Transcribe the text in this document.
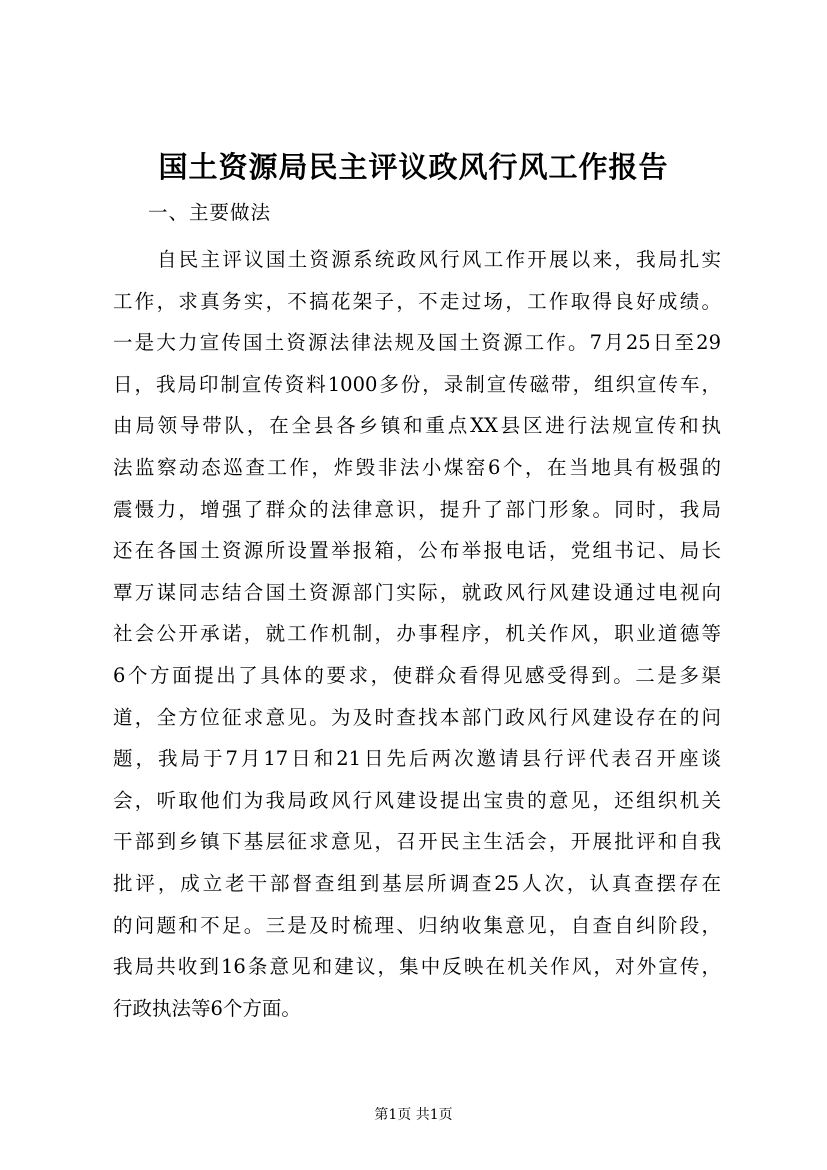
国土资源局民主评议政风行风工作报告

一、主要做法

自民主评议国土资源系统政风行风工作开展以来，我局扎实
工作，求真务实，不搞花架子，不走过场，工作取得良好成绩。
一是大力宣传国土资源法律法规及国土资源工作。7月25日至29
日，我局印制宣传资料1000多份，录制宣传磁带，组织宣传车，
由局领导带队，在全县各乡镇和重点XX县区进行法规宣传和执
法监察动态巡查工作，炸毁非法小煤窑6个，在当地具有极强的
震慑力，增强了群众的法律意识，提升了部门形象。同时，我局
还在各国土资源所设置举报箱，公布举报电话，党组书记、局长
覃万谋同志结合国土资源部门实际，就政风行风建设通过电视向
社会公开承诺，就工作机制，办事程序，机关作风，职业道德等
6个方面提出了具体的要求，使群众看得见感受得到。二是多渠
道，全方位征求意见。为及时查找本部门政风行风建设存在的问
题，我局于7月17日和21日先后两次邀请县行评代表召开座谈
会，听取他们为我局政风行风建设提出宝贵的意见，还组织机关
干部到乡镇下基层征求意见，召开民主生活会，开展批评和自我
批评，成立老干部督查组到基层所调查25人次，认真查摆存在
的问题和不足。三是及时梳理、归纳收集意见，自查自纠阶段，
我局共收到16条意见和建议，集中反映在机关作风，对外宣传，
行政执法等6个方面。

第1页 共1页
